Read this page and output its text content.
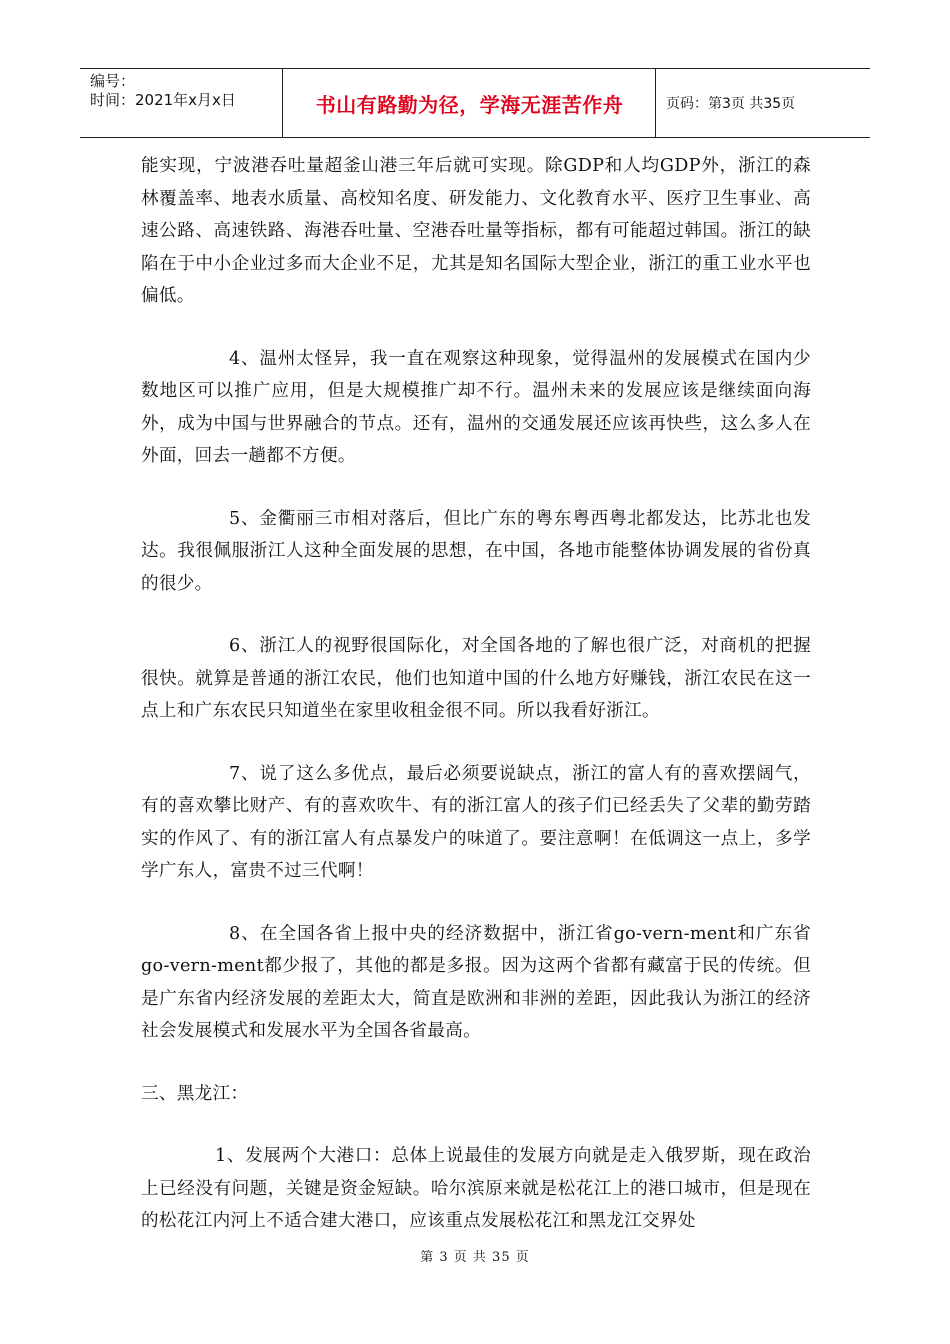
编号：
时间：2021年x月x日	书山有路勤为径，学海无涯苦作舟	页码：第3页 共35页

能实现，宁波港吞吐量超釜山港三年后就可实现。除GDP和人均GDP外，浙江的森林覆盖率、地表水质量、高校知名度、研发能力、文化教育水平、医疗卫生事业、高速公路、高速铁路、海港吞吐量、空港吞吐量等指标，都有可能超过韩国。浙江的缺陷在于中小企业过多而大企业不足，尤其是知名国际大型企业，浙江的重工业水平也偏低。

4、温州太怪异，我一直在观察这种现象，觉得温州的发展模式在国内少数地区可以推广应用，但是大规模推广却不行。温州未来的发展应该是继续面向海外，成为中国与世界融合的节点。还有，温州的交通发展还应该再快些，这么多人在外面，回去一趟都不方便。

5、金衢丽三市相对落后，但比广东的粤东粤西粤北都发达，比苏北也发达。我很佩服浙江人这种全面发展的思想，在中国，各地市能整体协调发展的省份真的很少。

6、浙江人的视野很国际化，对全国各地的了解也很广泛，对商机的把握很快。就算是普通的浙江农民，他们也知道中国的什么地方好赚钱，浙江农民在这一点上和广东农民只知道坐在家里收租金很不同。所以我看好浙江。

7、说了这么多优点，最后必须要说缺点，浙江的富人有的喜欢摆阔气，有的喜欢攀比财产、有的喜欢吹牛、有的浙江富人的孩子们已经丢失了父辈的勤劳踏实的作风了、有的浙江富人有点暴发户的味道了。要注意啊！在低调这一点上，多学学广东人，富贵不过三代啊！

8、在全国各省上报中央的经济数据中，浙江省go-vern-ment和广东省go-vern-ment都少报了，其他的都是多报。因为这两个省都有藏富于民的传统。但是广东省内经济发展的差距太大，简直是欧洲和非洲的差距，因此我认为浙江的经济社会发展模式和发展水平为全国各省最高。

三、黑龙江：

1、发展两个大港口：总体上说最佳的发展方向就是走入俄罗斯，现在政治上已经没有问题，关键是资金短缺。哈尔滨原来就是松花江上的港口城市，但是现在的松花江内河上不适合建大港口，应该重点发展松花江和黑龙江交界处

第 3 页 共 35 页
